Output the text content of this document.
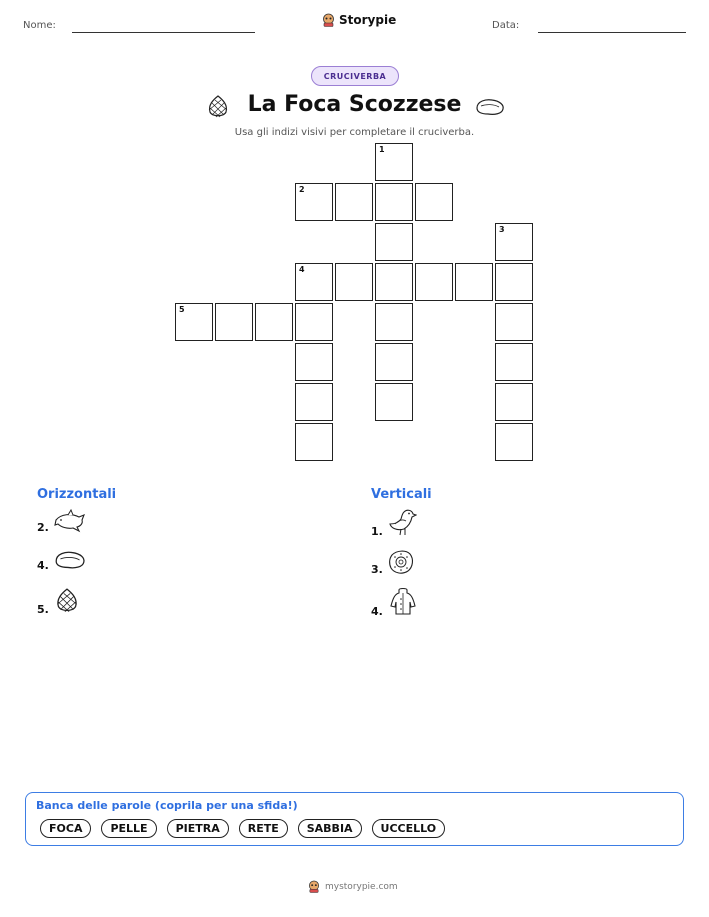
Nome:	Storypie	Data:
CRUCIVERBA
La Foca Scozzese
Usa gli indizi visivi per completare il cruciverba.
1
2
3
4
5
Orizzontali	Verticali
2.
4.
5.
1.
3.
4.
Banca delle parole (coprila per una sfida!)
FOCA	PELLE	PIETRA	RETE	SABBIA	UCCELLO
mystorypie.com
